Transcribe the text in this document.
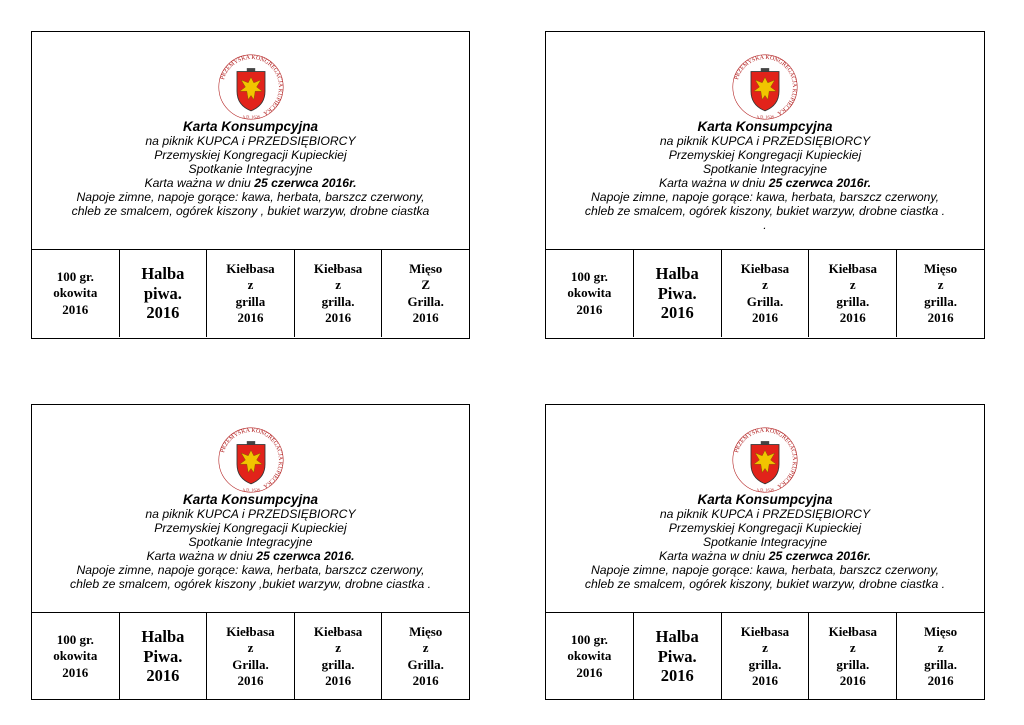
PRZEMYSKA KONGREGACJA KUPIECKA
A.D. 1638
Karta Konsumpcyjna
na piknik KUPCA i PRZEDSIĘBIORCY
Przemyskiej Kongregacji Kupieckiej
Spotkanie Integracyjne
Karta ważna w dniu 25 czerwca 2016r.
Napoje zimne, napoje gorące: kawa, herbata, barszcz czerwony,
chleb ze smalcem, ogórek kiszony , bukiet warzyw, drobne ciastka
100 gr.
okowita
2016
Halba
piwa.
2016
Kiełbasa
z
grilla
2016
Kiełbasa
z
grilla.
2016
Mięso
Z
Grilla.
2016
PRZEMYSKA KONGREGACJA KUPIECKA
A.D. 1638
Karta Konsumpcyjna
na piknik KUPCA i PRZEDSIĘBIORCY
Przemyskiej Kongregacji Kupieckiej
Spotkanie Integracyjne
Karta ważna w dniu 25 czerwca 2016r.
Napoje zimne, napoje gorące: kawa, herbata, barszcz czerwony,
chleb ze smalcem, ogórek kiszony, bukiet warzyw, drobne ciastka .
.
100 gr.
okowita
2016
Halba
Piwa.
2016
Kiełbasa
z
Grilla.
2016
Kiełbasa
z
grilla.
2016
Mięso
z
grilla.
2016
PRZEMYSKA KONGREGACJA KUPIECKA
A.D. 1638
Karta Konsumpcyjna
na piknik KUPCA i PRZEDSIĘBIORCY
Przemyskiej Kongregacji Kupieckiej
Spotkanie Integracyjne
Karta ważna w dniu 25 czerwca 2016.
Napoje zimne, napoje gorące: kawa, herbata, barszcz czerwony,
chleb ze smalcem, ogórek kiszony ,bukiet warzyw, drobne ciastka .
100 gr.
okowita
2016
Halba
Piwa.
2016
Kiełbasa
z
Grilla.
2016
Kiełbasa
z
grilla.
2016
Mięso
z
Grilla.
2016
PRZEMYSKA KONGREGACJA KUPIECKA
A.D. 1638
Karta Konsumpcyjna
na piknik KUPCA i PRZEDSIĘBIORCY
Przemyskiej Kongregacji Kupieckiej
Spotkanie Integracyjne
Karta ważna w dniu 25 czerwca 2016r.
Napoje zimne, napoje gorące: kawa, herbata, barszcz czerwony,
chleb ze smalcem, ogórek kiszony, bukiet warzyw, drobne ciastka .
100 gr.
okowita
2016
Halba
Piwa.
2016
Kiełbasa
z
grilla.
2016
Kiełbasa
z
grilla.
2016
Mięso
z
grilla.
2016
